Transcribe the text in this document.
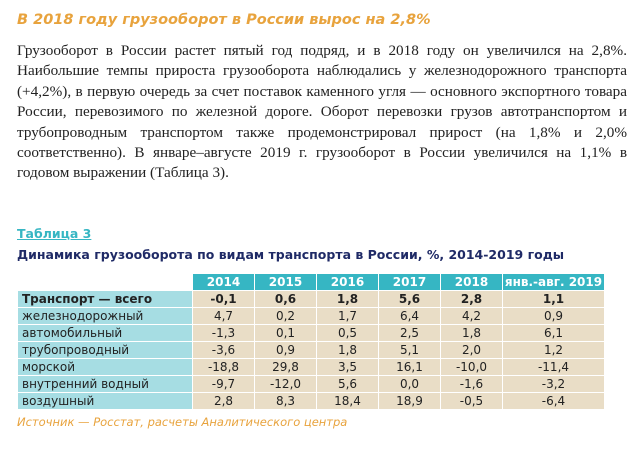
В 2018 году грузооборот в России вырос на 2,8%
Грузооборот в России растет пятый год подряд, и в 2018 году он увеличился на 2,8%. Наибольшие темпы прироста грузооборота наблюдались у железнодорожного транспорта (+4,2%), в первую очередь за счет поставок каменного угля — основного экспортного товара России, перевозимого по железной дороге. Оборот перевозки грузов автотранспортом и трубопроводным транспортом также продемонстрировал прирост (на 1,8% и 2,0% соответственно). В январе–августе 2019 г. грузооборот в России увеличился на 1,1% в годовом выражении (Таблица 3).
Таблица 3
Динамика грузооборота по видам транспорта в России, %, 2014-2019 годы
	2014	2015	2016	2017	2018	янв.-авг. 2019
Транспорт — всего	-0,1	0,6	1,8	5,6	2,8	1,1
железнодорожный	4,7	0,2	1,7	6,4	4,2	0,9
автомобильный	-1,3	0,1	0,5	2,5	1,8	6,1
трубопроводный	-3,6	0,9	1,8	5,1	2,0	1,2
морской	-18,8	29,8	3,5	16,1	-10,0	-11,4
внутренний водный	-9,7	-12,0	5,6	0,0	-1,6	-3,2
воздушный	2,8	8,3	18,4	18,9	-0,5	-6,4
Источник — Росстат, расчеты Аналитического центра
